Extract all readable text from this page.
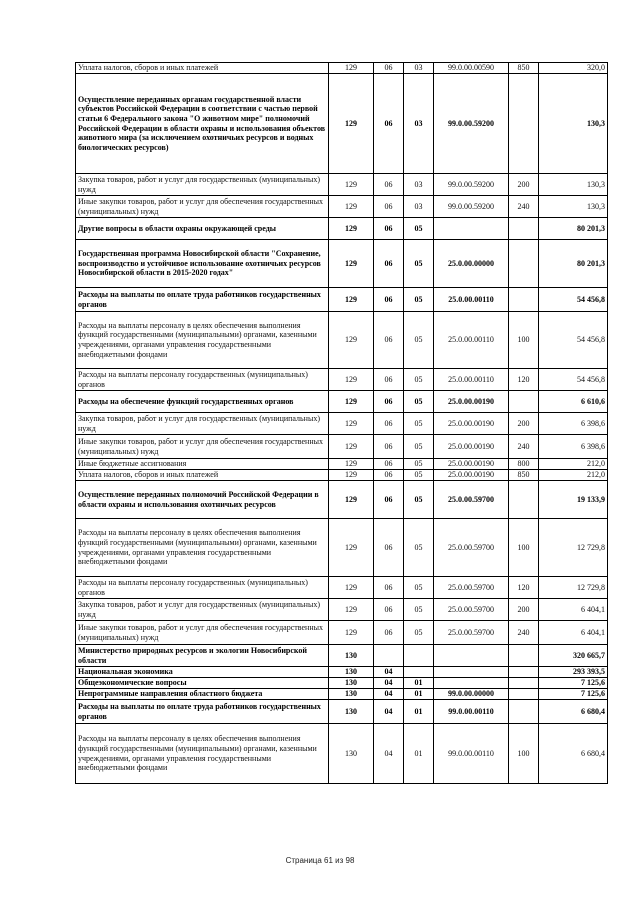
Уплата налогов, сборов и иных платежей	129	06	03	99.0.00.00590	850	320,0
Осуществление переданных органам государственной власти субъектов Российской Федерации в соответствии с частью первой статьи 6 Федерального закона "О животном мире" полномочий Российской Федерации в области охраны и использования объектов животного мира (за исключением охотничьих ресурсов и водных биологических ресурсов)	129	06	03	99.0.00.59200		130,3
Закупка товаров, работ и услуг для государственных (муниципальных) нужд	129	06	03	99.0.00.59200	200	130,3
Иные закупки товаров, работ и услуг для обеспечения государственных (муниципальных) нужд	129	06	03	99.0.00.59200	240	130,3
Другие вопросы в области охраны окружающей среды	129	06	05			80 201,3
Государственная программа Новосибирской области "Сохранение, воспроизводство и устойчивое использование охотничьих ресурсов Новосибирской области в 2015-2020 годах"	129	06	05	25.0.00.00000		80 201,3
Расходы на выплаты по оплате труда работников государственных органов	129	06	05	25.0.00.00110		54 456,8
Расходы на выплаты персоналу в целях обеспечения выполнения функций государственными (муниципальными) органами, казенными учреждениями, органами управления государственными внебюджетными фондами	129	06	05	25.0.00.00110	100	54 456,8
Расходы на выплаты персоналу государственных (муниципальных) органов	129	06	05	25.0.00.00110	120	54 456,8
Расходы на обеспечение функций государственных органов	129	06	05	25.0.00.00190		6 610,6
Закупка товаров, работ и услуг для государственных (муниципальных) нужд	129	06	05	25.0.00.00190	200	6 398,6
Иные закупки товаров, работ и услуг для обеспечения государственных (муниципальных) нужд	129	06	05	25.0.00.00190	240	6 398,6
Иные бюджетные ассигнования	129	06	05	25.0.00.00190	800	212,0
Уплата налогов, сборов и иных платежей	129	06	05	25.0.00.00190	850	212,0
Осуществление переданных полномочий Российской Федерации в области охраны и использования охотничьих ресурсов	129	06	05	25.0.00.59700		19 133,9
Расходы на выплаты персоналу в целях обеспечения выполнения функций государственными (муниципальными) органами, казенными учреждениями, органами управления государственными внебюджетными фондами	129	06	05	25.0.00.59700	100	12 729,8
Расходы на выплаты персоналу государственных (муниципальных) органов	129	06	05	25.0.00.59700	120	12 729,8
Закупка товаров, работ и услуг для государственных (муниципальных) нужд	129	06	05	25.0.00.59700	200	6 404,1
Иные закупки товаров, работ и услуг для обеспечения государственных (муниципальных) нужд	129	06	05	25.0.00.59700	240	6 404,1
Министерство природных ресурсов и экологии Новосибирской области	130					320 665,7
Национальная экономика	130	04				293 393,5
Общеэкономические вопросы	130	04	01			7 125,6
Непрограммные направления областного бюджета	130	04	01	99.0.00.00000		7 125,6
Расходы на выплаты по оплате труда работников государственных органов	130	04	01	99.0.00.00110		6 680,4
Расходы на выплаты персоналу в целях обеспечения выполнения функций государственными (муниципальными) органами, казенными учреждениями, органами управления государственными внебюджетными фондами	130	04	01	99.0.00.00110	100	6 680,4
Страница 61 из 98
